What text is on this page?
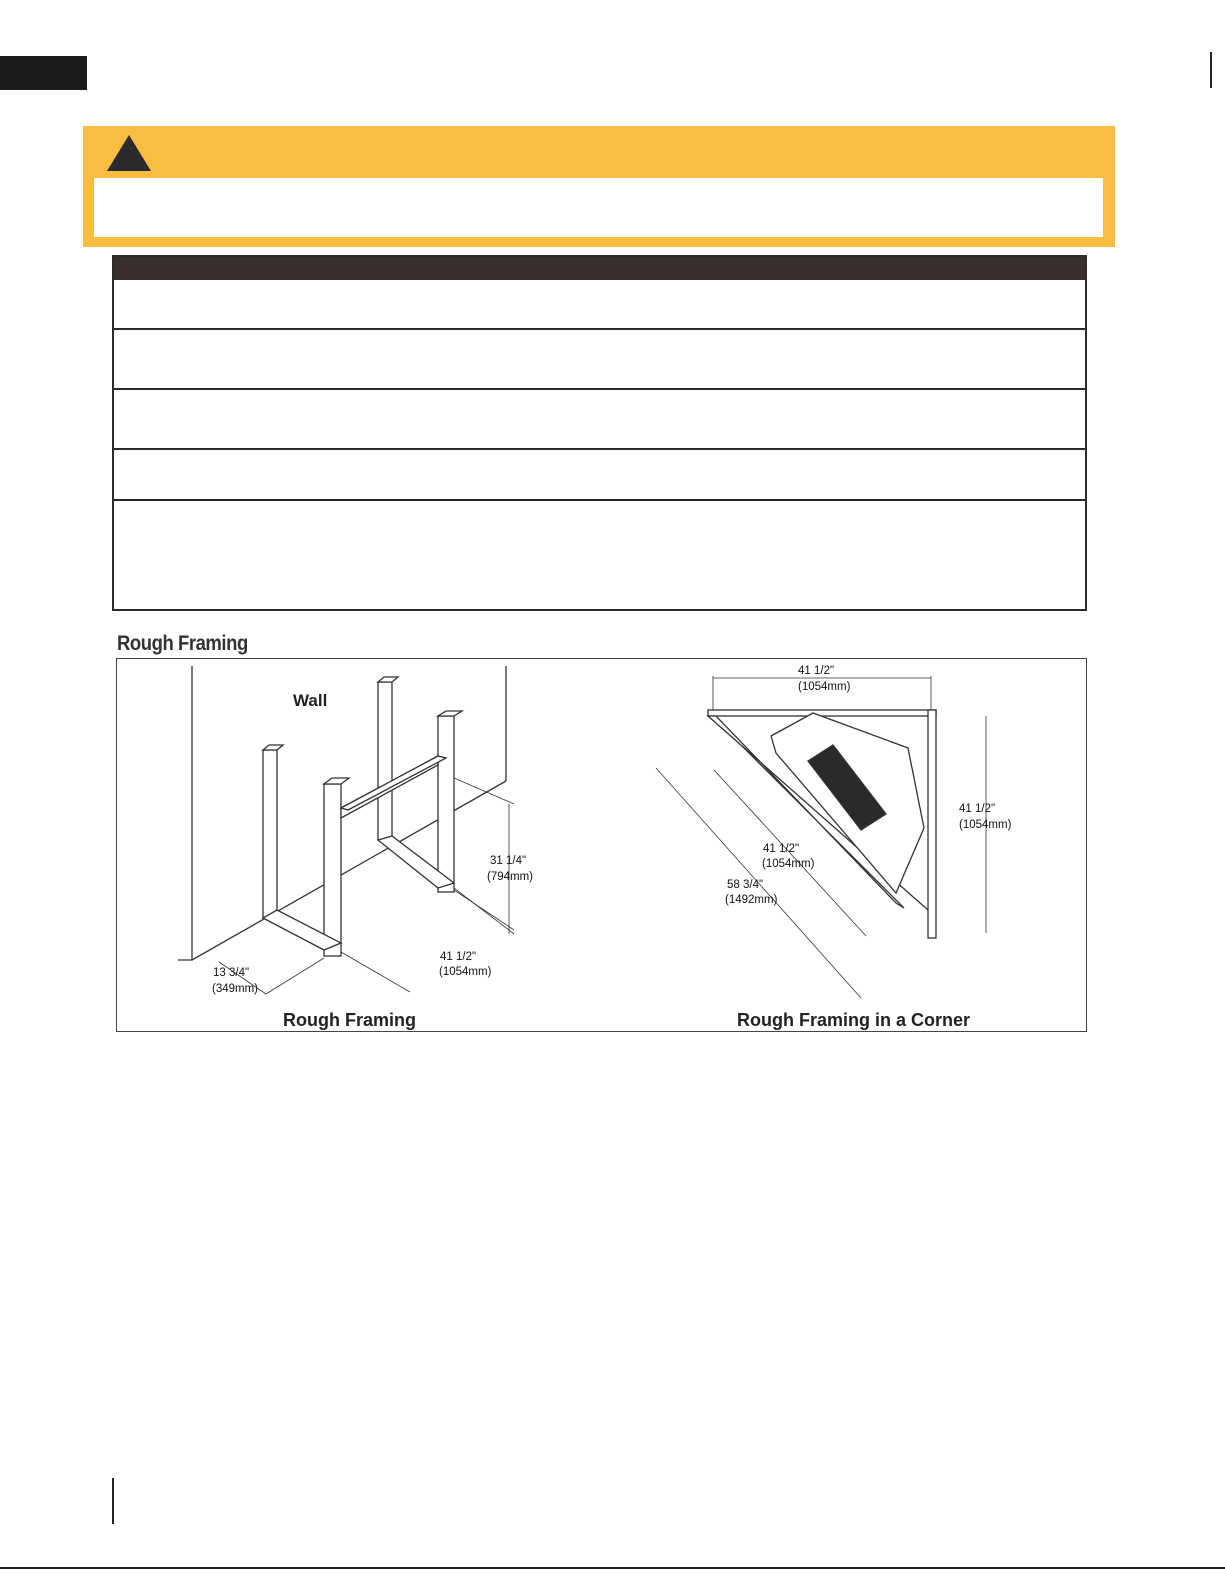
Rough Framing
Wall
31 1/4"
(794mm)
41 1/2"
(1054mm)
13 3/4"
(349mm)
Rough Framing
41 1/2"
(1054mm)
41 1/2"
(1054mm)
41 1/2"
(1054mm)
58 3/4"
(1492mm)
Rough Framing in a Corner
